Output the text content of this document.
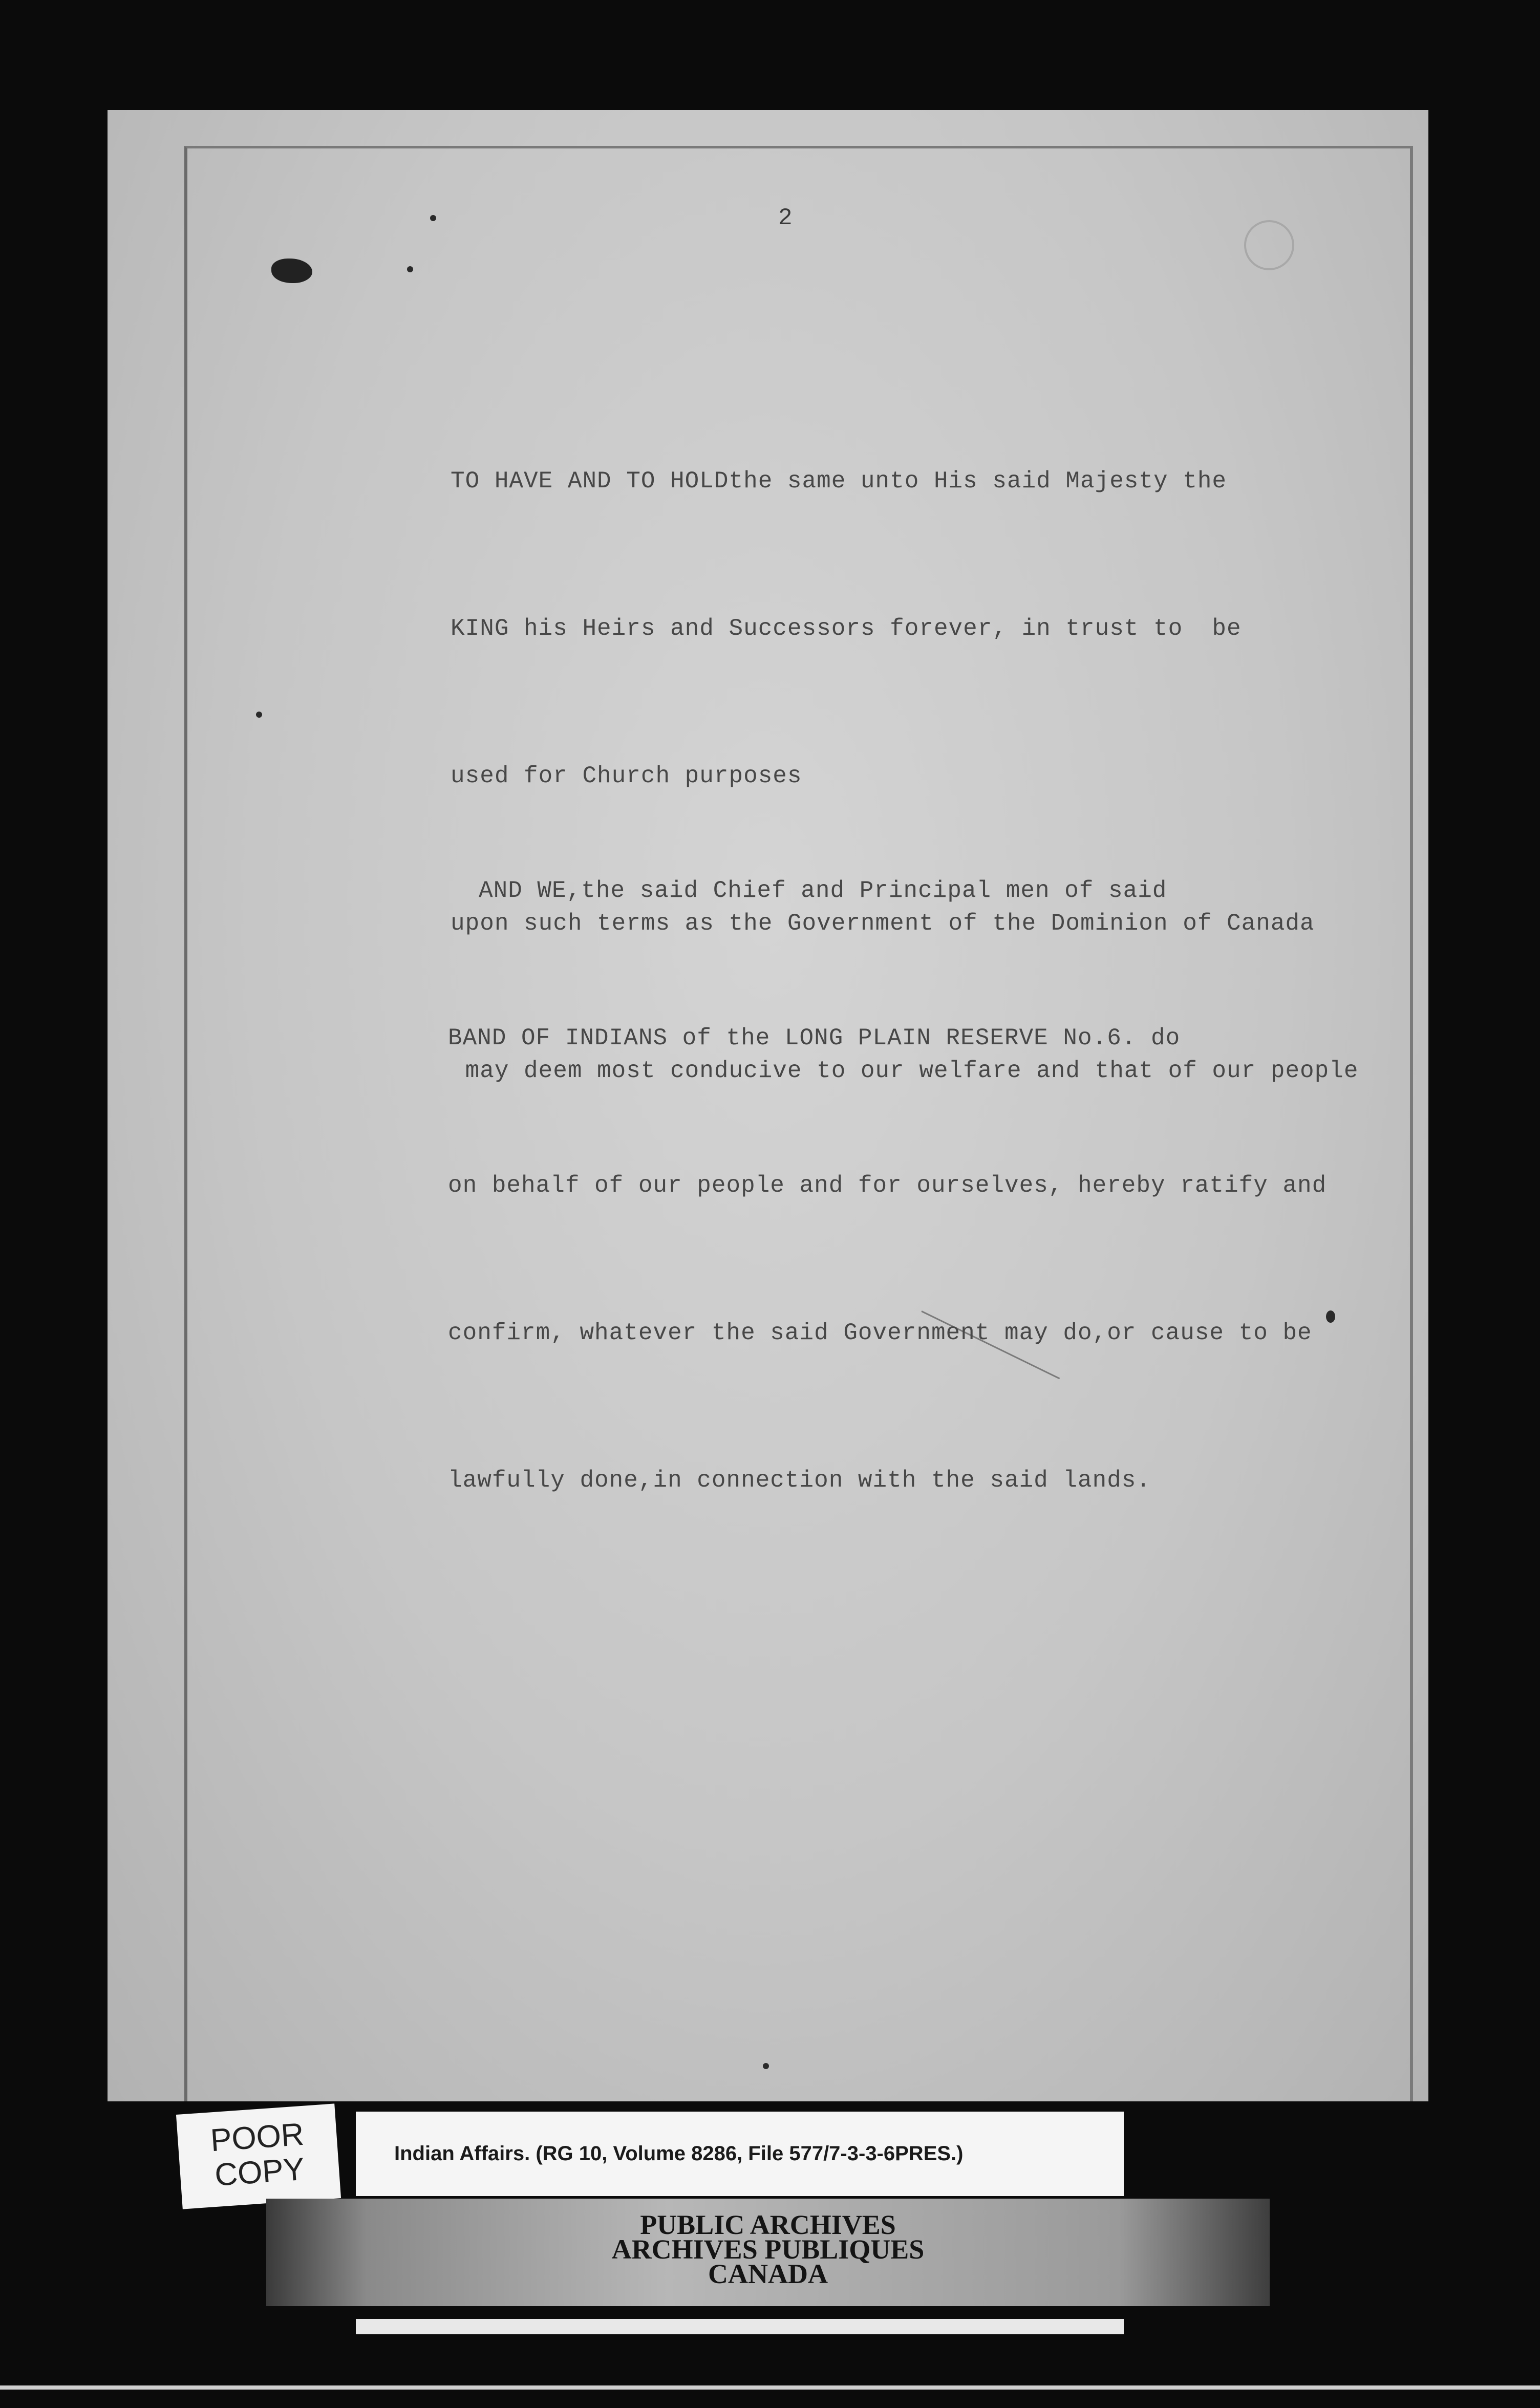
2

TO HAVE AND TO HOLDthe same unto His said Majesty the

KING his Heirs and Successors forever, in trust to  be

used for Church purposes

upon such terms as the Government of the Dominion of Canada

may deem most conducive to our welfare and that of our people

AND WE,the said Chief and Principal men of said

BAND OF INDIANS of the LONG PLAIN RESERVE No.6. do

on behalf of our people and for ourselves, hereby ratify and

confirm, whatever the said Government may do,or cause to be

lawfully done,in connection with the said lands.

POOR
COPY	Indian Affairs. (RG 10, Volume 8286, File 577/7-3-3-6PRES.)
PUBLIC ARCHIVES
ARCHIVES PUBLIQUES
CANADA
